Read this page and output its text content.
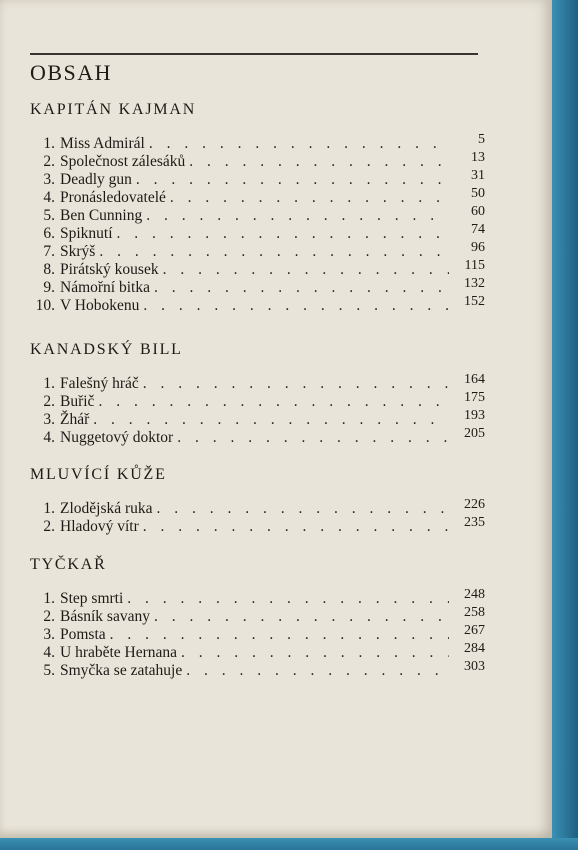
OBSAH
KAPITÁN KAJMAN
1. Miss Admirál . . .	5
2. Společnost zálesáků . . .	13
3. Deadly gun . . .	31
4. Pronásledovatelé . . .	50
5. Ben Cunning . . .	60
6. Spiknutí . . .	74
7. Skrýš . . .	96
8. Pirátský kousek . . .	115
9. Námořní bitka . . .	132
10. V Hobokenu . . .	152
KANADSKÝ BILL
1. Falešný hráč . . .	164
2. Buřič . . .	175
3. Žhář . . .	193
4. Nuggetový doktor . . .	205
MLUVÍCÍ KŮŽE
1. Zlodějská ruka . . .	226
2. Hladový vítr . . .	235
TYČKAŘ
1. Step smrti . . .	248
2. Básník savany . . .	258
3. Pomsta . . .	267
4. U hraběte Hernana . . .	284
5. Smyčka se zatahuje . . .	303
